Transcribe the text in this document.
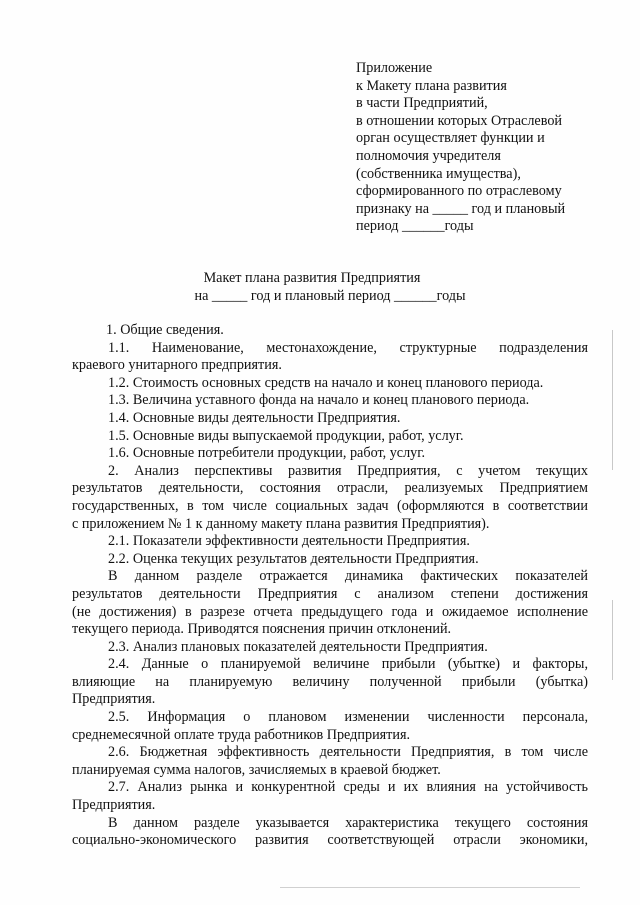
Приложение
к Макету плана развития
в части Предприятий,
в отношении которых Отраслевой
орган осуществляет функции и
полномочия учредителя
(собственника имущества),
сформированного по отраслевому
признаку на _____ год и плановый
период ______годы
Макет плана развития Предприятия
на _____ год и плановый период ______годы
1. Общие сведения.
1.1. Наименование, местонахождение, структурные подразделения
краевого унитарного предприятия.
1.2. Стоимость основных средств на начало и конец планового периода.
1.3. Величина уставного фонда на начало и конец планового периода.
1.4. Основные виды деятельности Предприятия.
1.5. Основные виды выпускаемой продукции, работ, услуг.
1.6. Основные потребители продукции, работ, услуг.
2. Анализ перспективы развития Предприятия, с учетом текущих
результатов деятельности, состояния отрасли, реализуемых Предприятием
государственных, в том числе социальных задач (оформляются в соответствии
с приложением № 1 к данному макету плана развития Предприятия).
2.1. Показатели эффективности деятельности Предприятия.
2.2. Оценка текущих результатов деятельности Предприятия.
В данном разделе отражается динамика фактических показателей
результатов деятельности Предприятия с анализом степени достижения
(не достижения) в разрезе отчета предыдущего года и ожидаемое исполнение
текущего периода. Приводятся пояснения причин отклонений.
2.3. Анализ плановых показателей деятельности Предприятия.
2.4. Данные о планируемой величине прибыли (убытке) и факторы,
влияющие на планируемую величину полученной прибыли (убытка)
Предприятия.
2.5. Информация о плановом изменении численности персонала,
среднемесячной оплате труда работников Предприятия.
2.6. Бюджетная эффективность деятельности Предприятия, в том числе
планируемая сумма налогов, зачисляемых в краевой бюджет.
2.7. Анализ рынка и конкурентной среды и их влияния на устойчивость
Предприятия.
В данном разделе указывается характеристика текущего состояния
социально-экономического развития соответствующей отрасли экономики,
